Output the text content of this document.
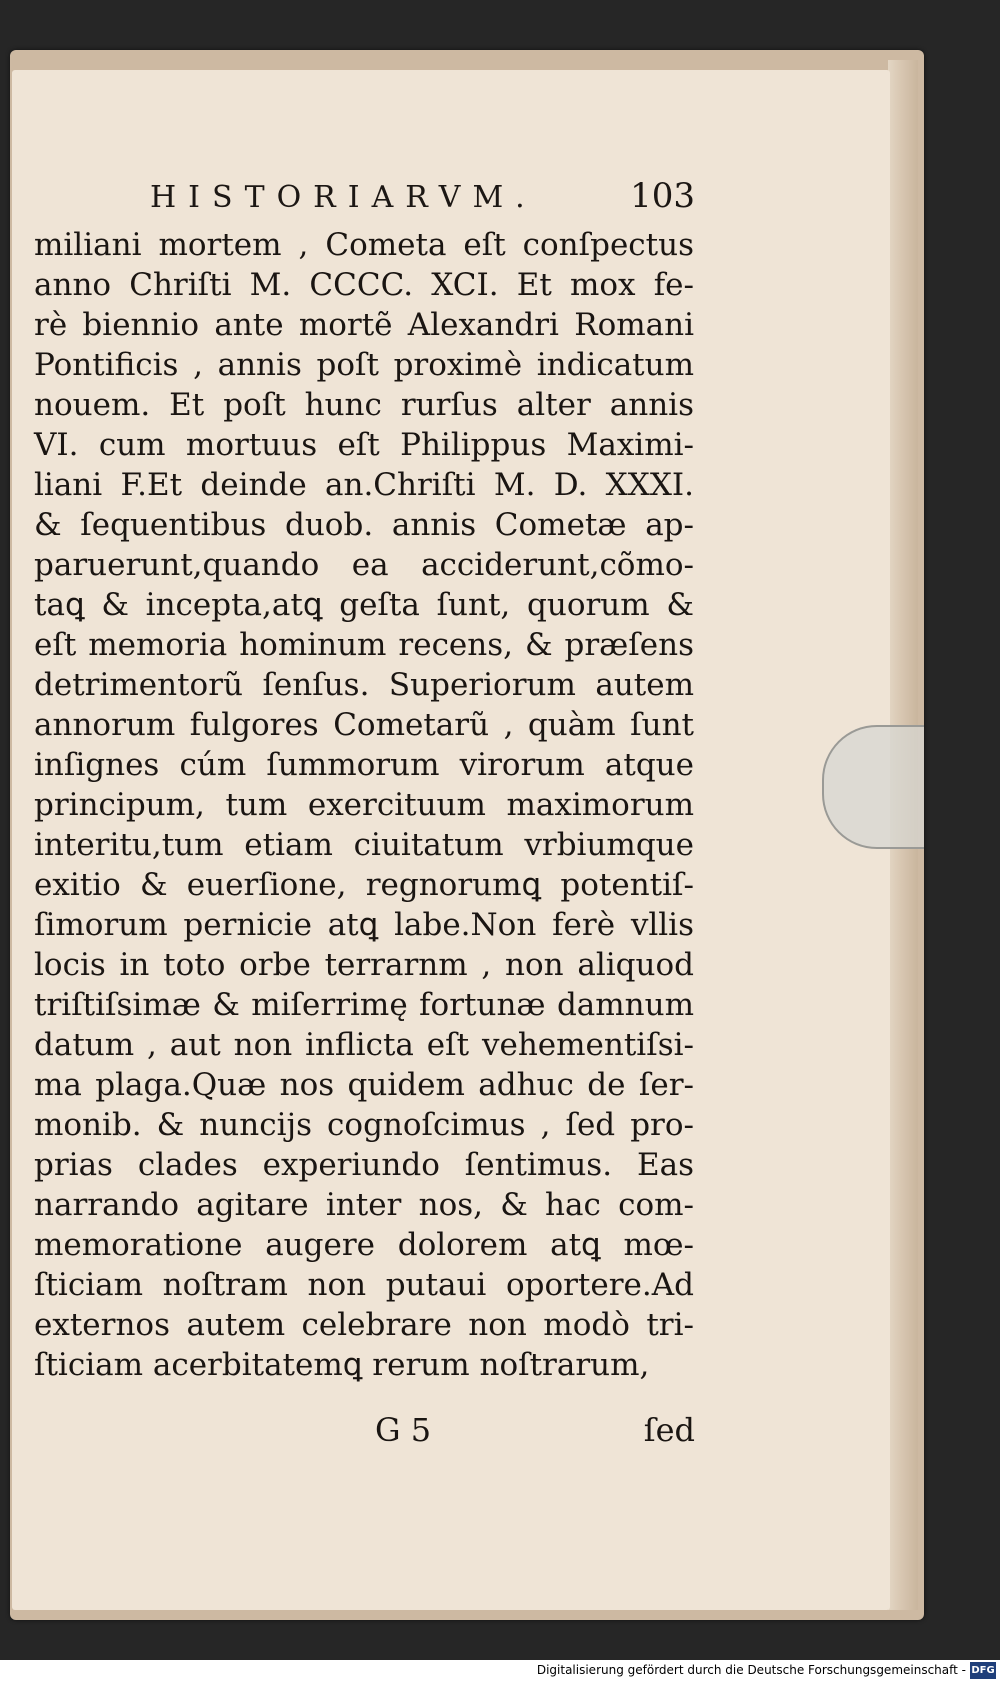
HISTORIARVM.	103
miliani mortem , Cometa eſt conſpectus
anno Chriſti M. CCCC. XCI. Et mox fe-
rè biennio ante mortẽ Alexandri Romani
Pontificis , annis poſt proximè indicatum
nouem. Et poſt hunc rurſus alter annis
VI. cum mortuus eſt Philippus Maximi-
liani F.Et deinde an.Chriſti M. D. XXXI.
& ſequentibus duob. annis Cometæ ap-
paruerunt,quando ea acciderunt,cõmo-
taꝗ & incepta,atꝗ geſta ſunt, quorum &
eſt memoria hominum recens, & præſens
detrimentorũ ſenſus. Superiorum autem
annorum fulgores Cometarũ , quàm ſunt
inſignes cúm ſummorum virorum atque
principum, tum exercituum maximorum
interitu,tum etiam ciuitatum vrbiumque
exitio & euerſione, regnorumꝗ potentiſ-
ſimorum pernicie atꝗ labe.Non ferè vllis
locis in toto orbe terrarnm , non aliquod
triſtiſsimæ & miſerrimę fortunæ damnum
datum , aut non inflicta eſt vehementiſsi-
ma plaga.Quæ nos quidem adhuc de ſer-
monib. & nuncijs cognoſcimus , ſed pro-
prias clades experiundo ſentimus. Eas
narrando agitare inter nos, & hac com-
memoratione augere dolorem atꝗ mœ-
ſticiam noſtram non putaui oportere.Ad
externos autem celebrare non modò tri-
ſticiam acerbitatemꝗ rerum noſtrarum,
G 5	ſed
Digitalisierung gefördert durch die Deutsche Forschungsgemeinschaft - DFG
